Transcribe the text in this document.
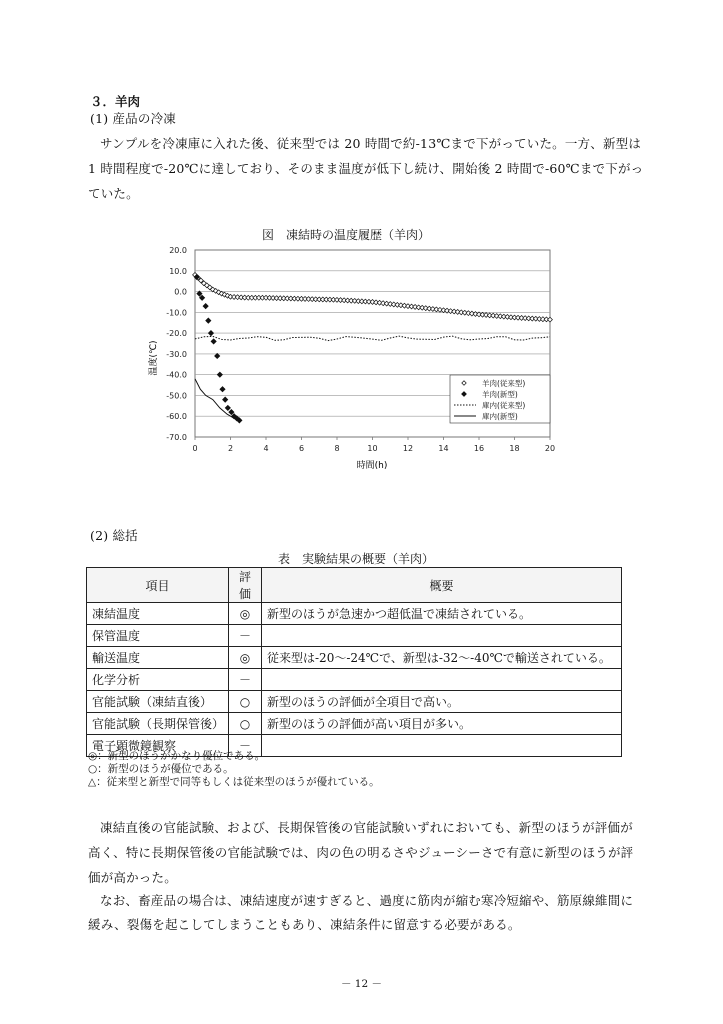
３．羊肉
(1) 産品の冷凍
サンプルを冷凍庫に入れた後、従来型では 20 時間で約-13℃まで下がっていた。一方、新型は
1 時間程度で-20℃に達しており、そのまま温度が低下し続け、開始後 2 時間で-60℃まで下がっ
ていた。
図　凍結時の温度履歴（羊肉）
20.0
10.0
0.0
-10.0
-20.0
-30.0
-40.0
-50.0
-60.0
-70.0
0	2	4	6	8	10	12	14	16	18	20
羊肉(従来型)
羊肉(新型)
庫内(従来型)
庫内(新型)
温度(℃)
時間(h)
(2) 総括
表　実験結果の概要（羊肉）
項目	評価	概要
凍結温度	◎	新型のほうが急速かつ超低温で凍結されている。
保管温度	－	
輸送温度	◎	従来型は-20～-24℃で、新型は-32～-40℃で輸送されている。
化学分析	－	
官能試験（凍結直後）	○	新型のほうの評価が全項目で高い。
官能試験（長期保管後）	○	新型のほうの評価が高い項目が多い。
電子顕微鏡観察	－	
◎：新型のほうがかなり優位である。
○：新型のほうが優位である。
△：従来型と新型で同等もしくは従来型のほうが優れている。
凍結直後の官能試験、および、長期保管後の官能試験いずれにおいても、新型のほうが評価が
高く、特に長期保管後の官能試験では、肉の色の明るさやジューシーさで有意に新型のほうが評
価が高かった。
なお、畜産品の場合は、凍結速度が速すぎると、過度に筋肉が縮む寒冷短縮や、筋原線維間に
緩み、裂傷を起こしてしまうこともあり、凍結条件に留意する必要がある。
－ 12 －
